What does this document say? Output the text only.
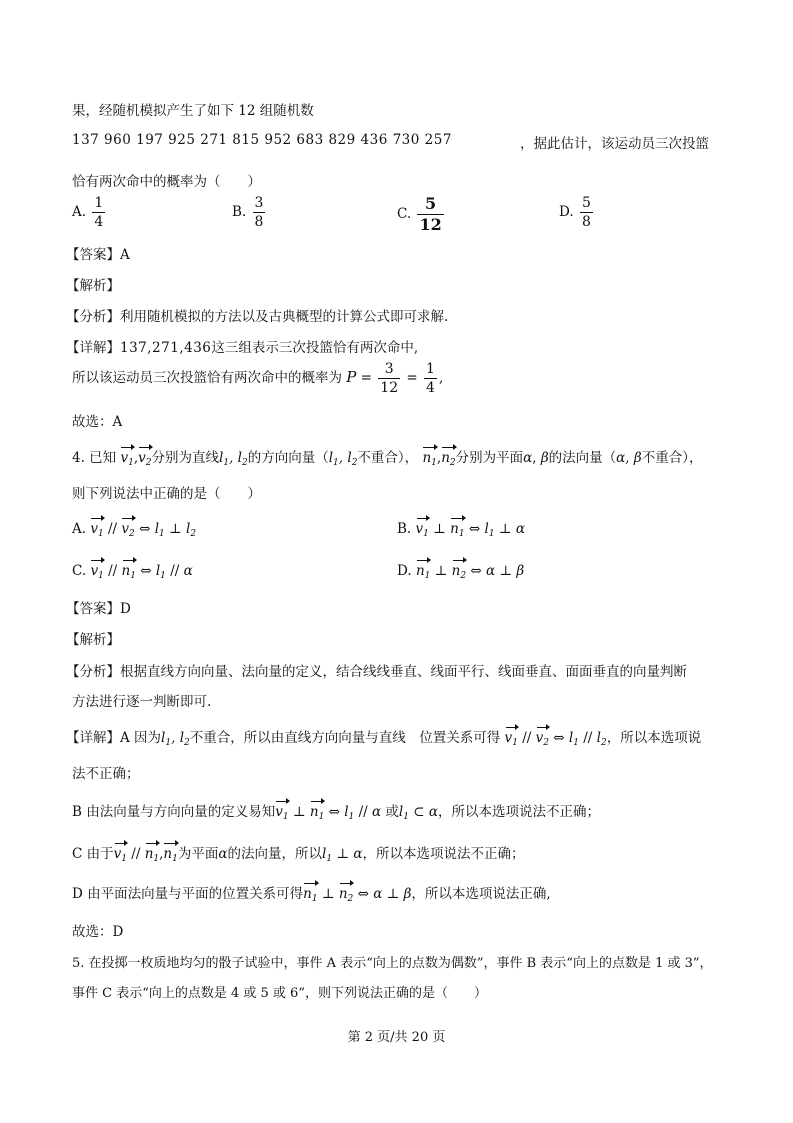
果，经随机模拟产生了如下 12 组随机数
137 960 197 925 271 815 952 683 829 436 730 257	，据此估计，该运动员三次投篮
恰有两次命中的概率为（　　）
A. $\frac{1}{4}$	B. $\frac{3}{8}$	C. $\frac{5}{12}$	D. $\frac{5}{8}$
【答案】A
【解析】
【分析】利用随机模拟的方法以及古典概型的计算公式即可求解.
【详解】137,271,436这三组表示三次投篮恰有两次命中,
所以该运动员三次投篮恰有两次命中的概率为 $P = \frac{3}{12} = \frac{1}{4}$ ,
故选：A
4. 已知 $v_1,v_2$分别为直线$l_1$, $l_2$的方向向量（$l_1$, $l_2$不重合）， $n_1,n_2$分别为平面α, β的法向量（α, β不重合），
则下列说法中正确的是（　　）
A. $v_1 // v_2$ ⇔ $l_1$ ⊥ $l_2$	B. $v_1$ ⊥ $n_1$ ⇔ $l_1$ ⊥ α
C. $v_1 // n_1$ ⇔ $l_1$ // α	D. $n_1$ ⊥ $n_2$ ⇔ α ⊥ β
【答案】D
【解析】
【分析】根据直线方向向量、法向量的定义，结合线线垂直、线面平行、线面垂直、面面垂直的向量判断
方法进行逐一判断即可.
【详解】A 因为$l_1$, $l_2$不重合，所以由直线方向向量与直线　位置关系可得 $v_1 // v_2$ ⇔ $l_1 // l_2$，所以本选项说
法不正确；
B 由法向量与方向向量的定义易知$v_1$ ⊥ $n_1$ ⇔ $l_1$ // α 或$l_1$ ⊂ α，所以本选项说法不正确；
C 由于$v_1 // n_1,n_1$为平面α的法向量，所以$l_1$ ⊥ α，所以本选项说法不正确；
D 由平面法向量与平面的位置关系可得$n_1$ ⊥ $n_2$ ⇔ α ⊥ β，所以本选项说法正确,
故选：D
5. 在投掷一枚质地均匀的骰子试验中，事件 A 表示“向上的点数为偶数”，事件 B 表示“向上的点数是 1 或 3”，
事件 C 表示“向上的点数是 4 或 5 或 6”，则下列说法正确的是（　　）
第 2 页/共 20 页
